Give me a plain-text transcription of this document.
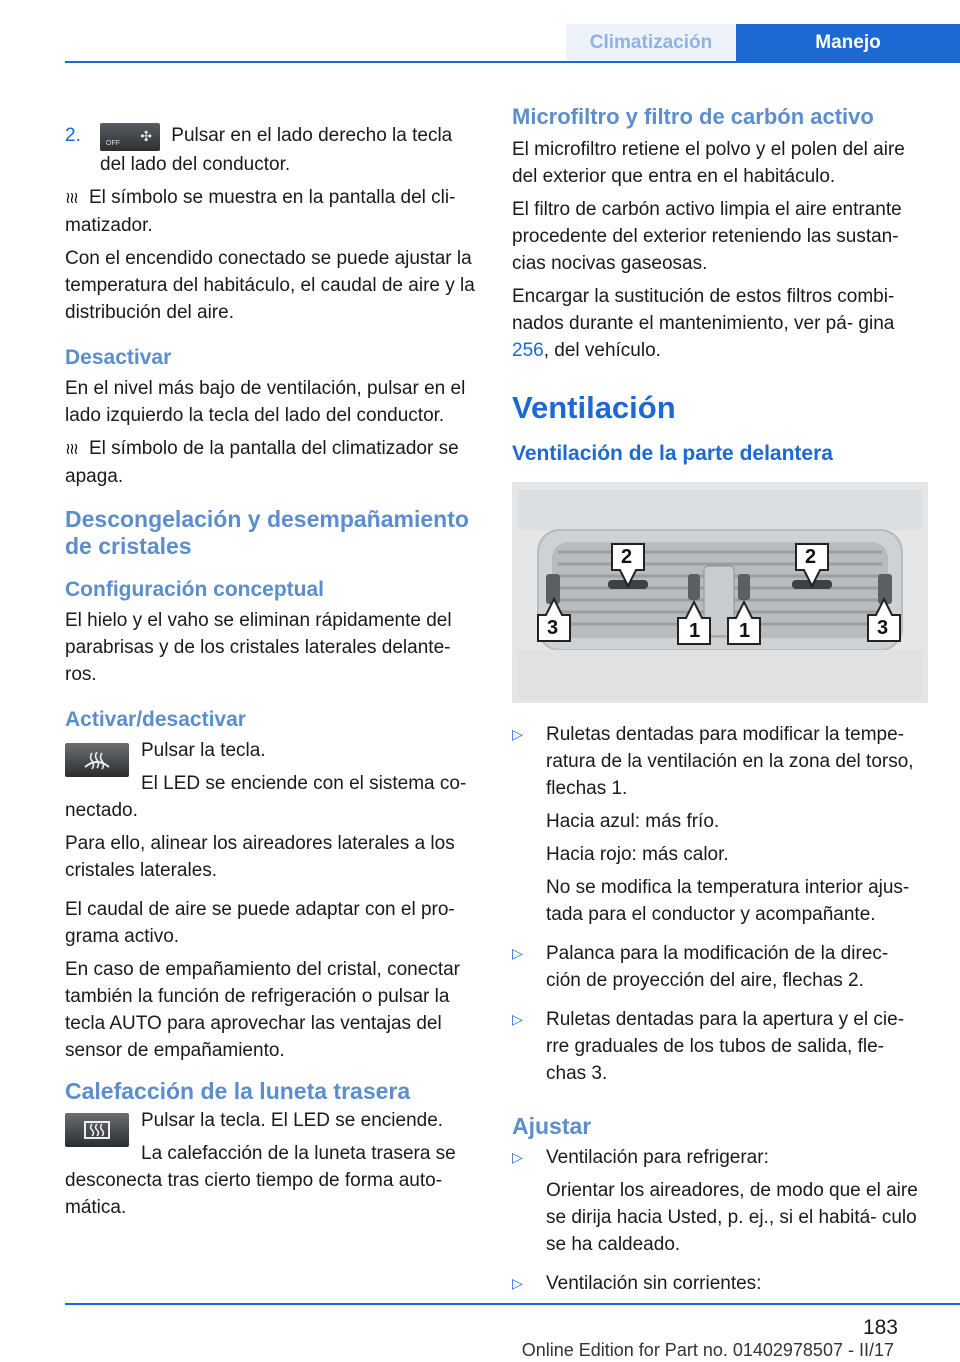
Climatización	Manejo
2.	OFF ✣ Pulsar en el lado derecho la tecla del lado del conductor.

≀≀≀ El símbolo se muestra en la pantalla del cli- matizador.

Con el encendido conectado se puede ajustar la temperatura del habitáculo, el caudal de aire y la distribución del aire.

Desactivar

En el nivel más bajo de ventilación, pulsar en el lado izquierdo la tecla del lado del conductor.

≀≀≀ El símbolo de la pantalla del climatizador se apaga.

Descongelación y desempañamiento de cristales
Configuración conceptual

El hielo y el vaho se eliminan rápidamente del parabrisas y de los cristales laterales delante- ros.

Activar/desactivar

Pulsar la tecla.

El LED se enciende con el sistema co- nectado.

Para ello, alinear los aireadores laterales a los cristales laterales.

El caudal de aire se puede adaptar con el pro- grama activo.

En caso de empañamiento del cristal, conectar también la función de refrigeración o pulsar la tecla AUTO para aprovechar las ventajas del sensor de empañamiento.

Calefacción de la luneta trasera

Pulsar la tecla. El LED se enciende.

La calefacción de la luneta trasera se desconecta tras cierto tiempo de forma auto- mática.

Microfiltro y filtro de carbón activo

El microfiltro retiene el polvo y el polen del aire del exterior que entra en el habitáculo.

El filtro de carbón activo limpia el aire entrante procedente del exterior reteniendo las sustan- cias nocivas gaseosas.

Encargar la sustitución de estos filtros combi- nados durante el mantenimiento, ver pá- gina 256, del vehículo.

Ventilación
Ventilación de la parte delantera
2	2
3	1 1	3
▷	Ruletas dentadas para modificar la tempe- ratura de la ventilación en la zona del torso, flechas 1.

Hacia azul: más frío.

Hacia rojo: más calor.

No se modifica la temperatura interior ajus- tada para el conductor y acompañante.

▷	Palanca para la modificación de la direc- ción de proyección del aire, flechas 2.

▷	Ruletas dentadas para la apertura y el cie- rre graduales de los tubos de salida, fle- chas 3.

Ajustar
▷	Ventilación para refrigerar:

Orientar los aireadores, de modo que el aire se dirija hacia Usted, p. ej., si el habitá- culo se ha caldeado.

▷	Ventilación sin corrientes:

183
Online Edition for Part no. 01402978507 - II/17
